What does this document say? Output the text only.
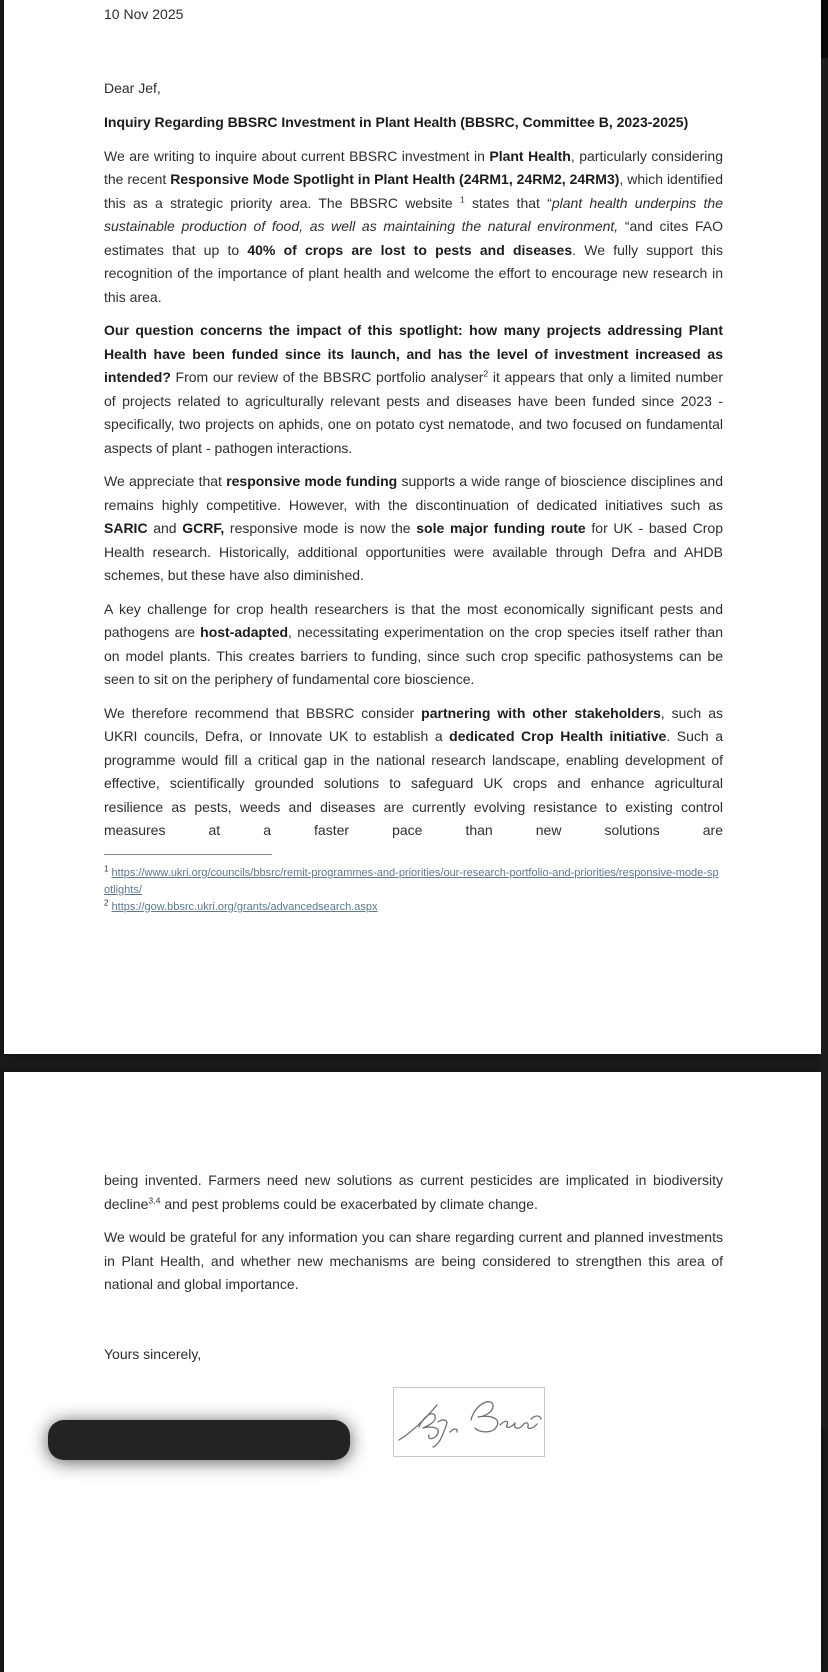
10 Nov 2025

Dear Jef,

Inquiry Regarding BBSRC Investment in Plant Health (BBSRC, Committee B, 2023-2025)

We are writing to inquire about current BBSRC investment in Plant Health, particularly considering the recent Responsive Mode Spotlight in Plant Health (24RM1, 24RM2, 24RM3), which identified this as a strategic priority area. The BBSRC website $^1$ states that “plant health underpins the sustainable production of food, as well as maintaining the natural environment, “and cites FAO estimates that up to 40% of crops are lost to pests and diseases. We fully support this recognition of the importance of plant health and welcome the effort to encourage new research in this area.

Our question concerns the impact of this spotlight: how many projects addressing Plant Health have been funded since its launch, and has the level of investment increased as intended? From our review of the BBSRC portfolio analyser$^2$ it appears that only a limited number of projects related to agriculturally relevant pests and diseases have been funded since 2023 - specifically, two projects on aphids, one on potato cyst nematode, and two focused on fundamental aspects of plant - pathogen interactions.

We appreciate that responsive mode funding supports a wide range of bioscience disciplines and remains highly competitive. However, with the discontinuation of dedicated initiatives such as SARIC and GCRF, responsive mode is now the sole major funding route for UK - based Crop Health research. Historically, additional opportunities were available through Defra and AHDB schemes, but these have also diminished.

A key challenge for crop health researchers is that the most economically significant pests and pathogens are host-adapted, necessitating experimentation on the crop species itself rather than on model plants. This creates barriers to funding, since such crop specific pathosystems can be seen to sit on the periphery of fundamental core bioscience.

We therefore recommend that BBSRC consider partnering with other stakeholders, such as UKRI councils, Defra, or Innovate UK to establish a dedicated Crop Health initiative. Such a programme would fill a critical gap in the national research landscape, enabling development of effective, scientifically grounded solutions to safeguard UK crops and enhance agricultural resilience as pests, weeds and diseases are currently evolving resistance to existing control measures at a faster pace than new solutions are

$^1$ https://www.ukri.org/councils/bbsrc/remit-programmes-and-priorities/our-research-portfolio-and-priorities/responsive-mode-spotlights/

$^2$ https://gow.bbsrc.ukri.org/grants/advancedsearch.aspx

being invented. Farmers need new solutions as current pesticides are implicated in biodiversity decline$^{3,4}$ and pest problems could be exacerbated by climate change.

We would be grateful for any information you can share regarding current and planned investments in Plant Health, and whether new mechanisms are being considered to strengthen this area of national and global importance.

Yours sincerely,
